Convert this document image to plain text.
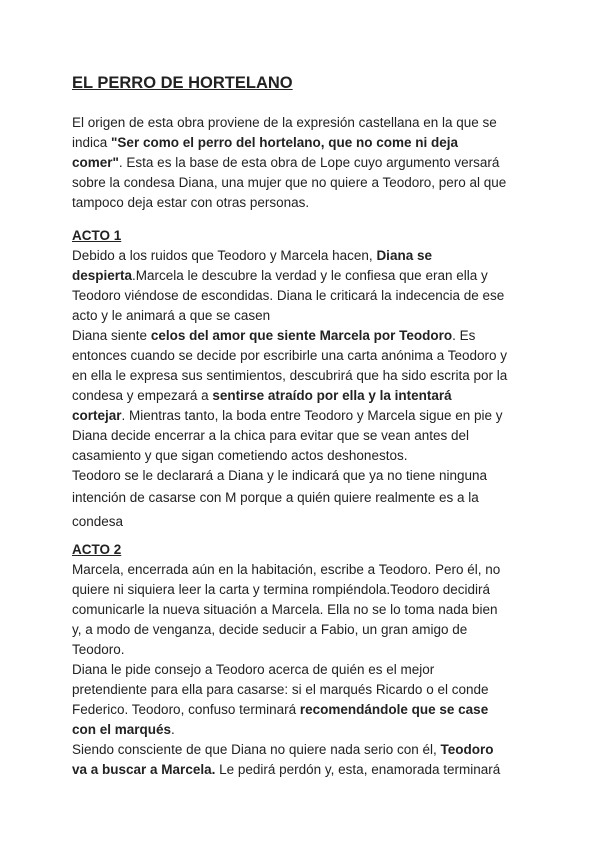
EL PERRO DE HORTELANO
El origen de esta obra proviene de la expresión castellana en la que se
indica "Ser como el perro del hortelano, que no come ni deja
comer". Esta es la base de esta obra de Lope cuyo argumento versará
sobre la condesa Diana, una mujer que no quiere a Teodoro, pero al que
tampoco deja estar con otras personas.
ACTO 1
Debido a los ruidos que Teodoro y Marcela hacen, Diana se
despierta.Marcela le descubre la verdad y le confiesa que eran ella y
Teodoro viéndose de escondidas. Diana le criticará la indecencia de ese
acto y le animará a que se casen
Diana siente celos del amor que siente Marcela por Teodoro. Es
entonces cuando se decide por escribirle una carta anónima a Teodoro y
en ella le expresa sus sentimientos, descubrirá que ha sido escrita por la
condesa y empezará a sentirse atraído por ella y la intentará
cortejar. Mientras tanto, la boda entre Teodoro y Marcela sigue en pie y
Diana decide encerrar a la chica para evitar que se vean antes del
casamiento y que sigan cometiendo actos deshonestos.
Teodoro se le declarará a Diana y le indicará que ya no tiene ninguna
intención de casarse con M porque a quién quiere realmente es a la
condesa
ACTO 2
Marcela, encerrada aún en la habitación, escribe a Teodoro. Pero él, no
quiere ni siquiera leer la carta y termina rompiéndola.Teodoro decidirá
comunicarle la nueva situación a Marcela. Ella no se lo toma nada bien
y, a modo de venganza, decide seducir a Fabio, un gran amigo de
Teodoro.
Diana le pide consejo a Teodoro acerca de quién es el mejor
pretendiente para ella para casarse: si el marqués Ricardo o el conde
Federico. Teodoro, confuso terminará recomendándole que se case
con el marqués.
Siendo consciente de que Diana no quiere nada serio con él, Teodoro
va a buscar a Marcela. Le pedirá perdón y, esta, enamorada terminará
